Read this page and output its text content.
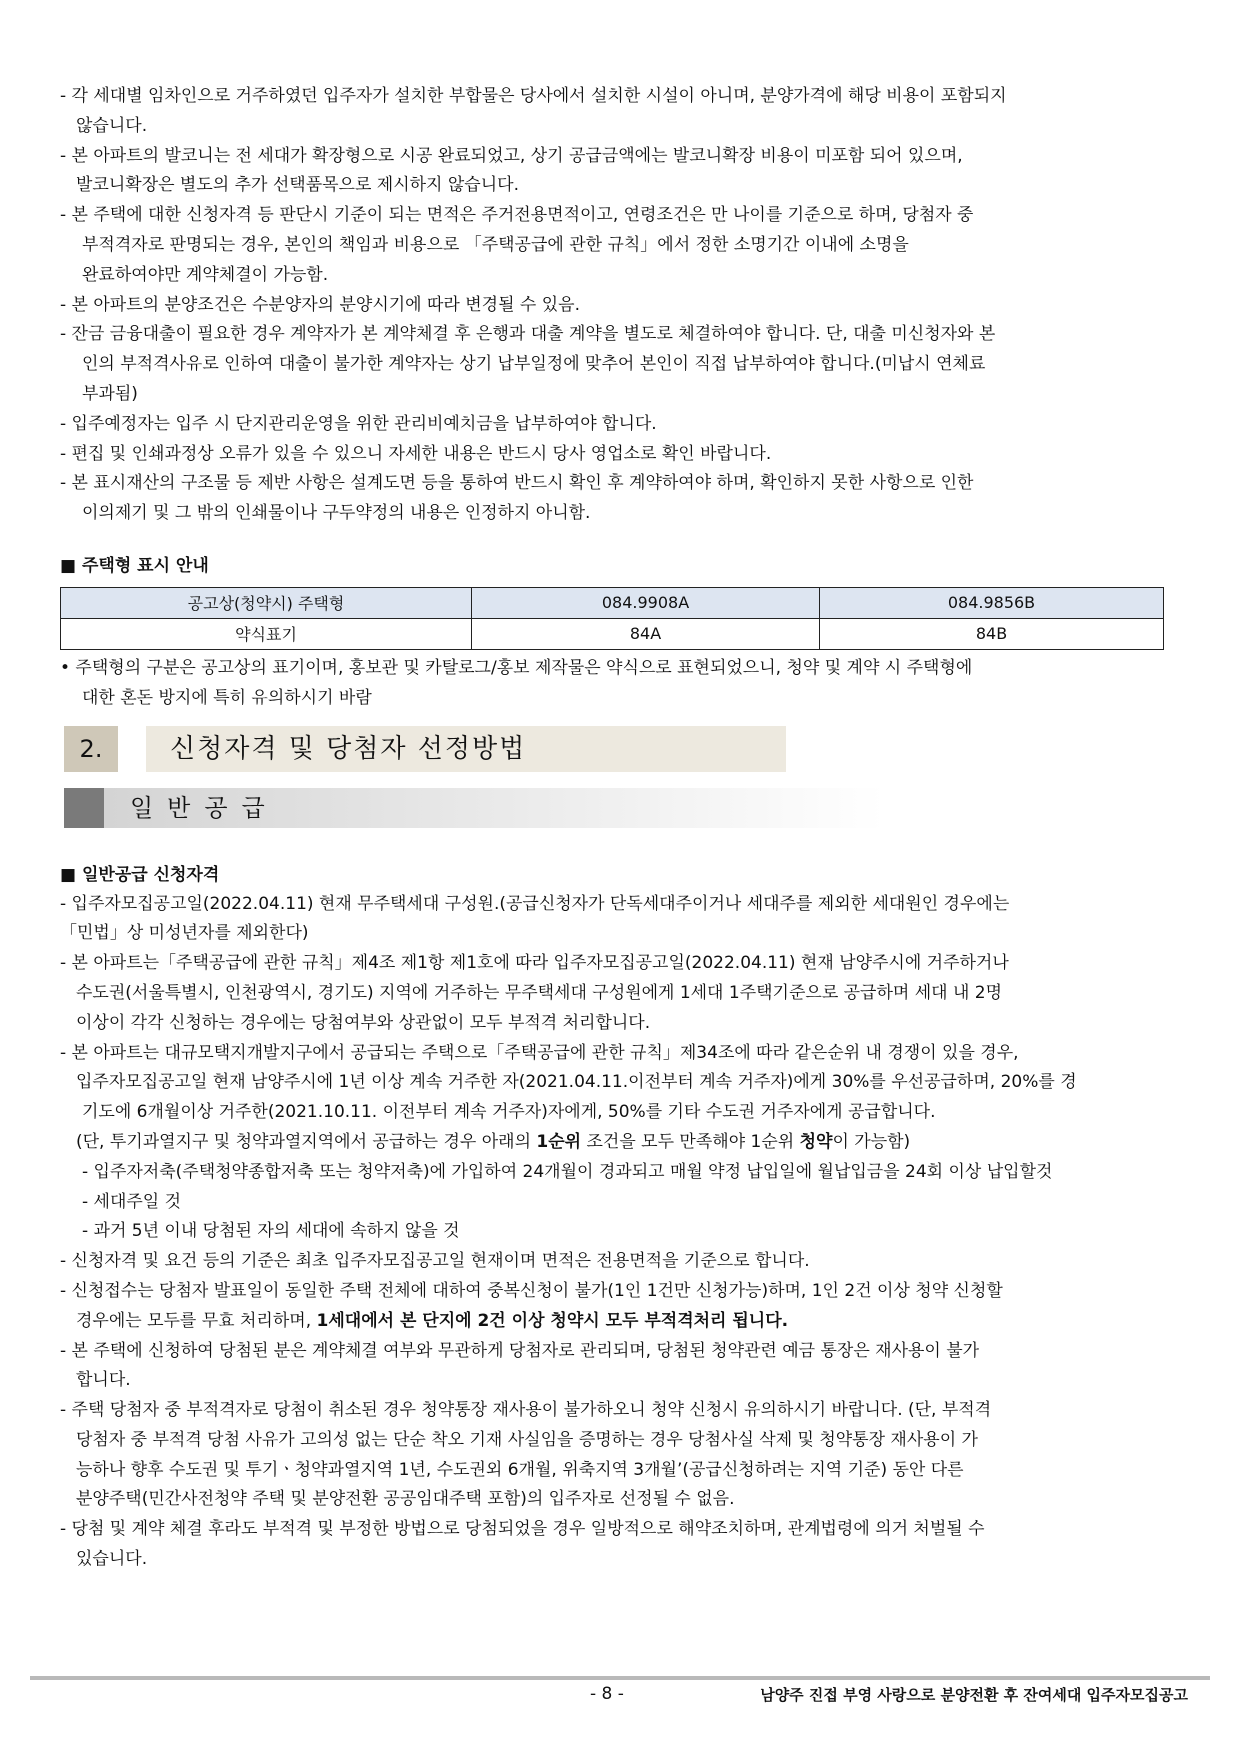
- 각 세대별 임차인으로 거주하였던 입주자가 설치한 부합물은 당사에서 설치한 시설이 아니며, 분양가격에 해당 비용이 포함되지
않습니다.
- 본 아파트의 발코니는 전 세대가 확장형으로 시공 완료되었고, 상기 공급금액에는 발코니확장 비용이 미포함 되어 있으며,
발코니확장은 별도의 추가 선택품목으로 제시하지 않습니다.
- 본 주택에 대한 신청자격 등 판단시 기준이 되는 면적은 주거전용면적이고, 연령조건은 만 나이를 기준으로 하며, 당첨자 중
부적격자로 판명되는 경우, 본인의 책임과 비용으로 「주택공급에 관한 규칙」에서 정한 소명기간 이내에 소명을
완료하여야만 계약체결이 가능함.
- 본 아파트의 분양조건은 수분양자의 분양시기에 따라 변경될 수 있음.
- 잔금 금융대출이 필요한 경우 계약자가 본 계약체결 후 은행과 대출 계약을 별도로 체결하여야 합니다. 단, 대출 미신청자와 본
인의 부적격사유로 인하여 대출이 불가한 계약자는 상기 납부일정에 맞추어 본인이 직접 납부하여야 합니다.(미납시 연체료
부과됨)
- 입주예정자는 입주 시 단지관리운영을 위한 관리비예치금을 납부하여야 합니다.
- 편집 및 인쇄과정상 오류가 있을 수 있으니 자세한 내용은 반드시 당사 영업소로 확인 바랍니다.
- 본 표시재산의 구조물 등 제반 사항은 설계도면 등을 통하여 반드시 확인 후 계약하여야 하며, 확인하지 못한 사항으로 인한
이의제기 및 그 밖의 인쇄물이나 구두약정의 내용은 인정하지 아니함.
■ 주택형 표시 안내
공고상(청약시) 주택형	084.9908A	084.9856B
약식표기	84A	84B
• 주택형의 구분은 공고상의 표기이며, 홍보관 및 카탈로그/홍보 제작물은 약식으로 표현되었으니, 청약 및 계약 시 주택형에
대한 혼돈 방지에 특히 유의하시기 바람
2.	신청자격 및 당첨자 선정방법
일반공급
■ 일반공급 신청자격
- 입주자모집공고일(2022.04.11) 현재 무주택세대 구성원.(공급신청자가 단독세대주이거나 세대주를 제외한 세대원인 경우에는
「민법」상 미성년자를 제외한다)
- 본 아파트는「주택공급에 관한 규칙」제4조 제1항 제1호에 따라 입주자모집공고일(2022.04.11) 현재 남양주시에 거주하거나
수도권(서울특별시, 인천광역시, 경기도) 지역에 거주하는 무주택세대 구성원에게 1세대 1주택기준으로 공급하며 세대 내 2명
이상이 각각 신청하는 경우에는 당첨여부와 상관없이 모두 부적격 처리합니다.
- 본 아파트는 대규모택지개발지구에서 공급되는 주택으로「주택공급에 관한 규칙」제34조에 따라 같은순위 내 경쟁이 있을 경우,
입주자모집공고일 현재 남양주시에 1년 이상 계속 거주한 자(2021.04.11.이전부터 계속 거주자)에게 30%를 우선공급하며, 20%를 경
기도에 6개월이상 거주한(2021.10.11. 이전부터 계속 거주자)자에게, 50%를 기타 수도권 거주자에게 공급합니다.
(단, 투기과열지구 및 청약과열지역에서 공급하는 경우 아래의 1순위 조건을 모두 만족해야 1순위 청약이 가능함)
- 입주자저축(주택청약종합저축 또는 청약저축)에 가입하여 24개월이 경과되고 매월 약정 납입일에 월납입금을 24회 이상 납입할것
- 세대주일 것
- 과거 5년 이내 당첨된 자의 세대에 속하지 않을 것
- 신청자격 및 요건 등의 기준은 최초 입주자모집공고일 현재이며 면적은 전용면적을 기준으로 합니다.
- 신청접수는 당첨자 발표일이 동일한 주택 전체에 대하여 중복신청이 불가(1인 1건만 신청가능)하며, 1인 2건 이상 청약 신청할
경우에는 모두를 무효 처리하며, 1세대에서 본 단지에 2건 이상 청약시 모두 부적격처리 됩니다.
- 본 주택에 신청하여 당첨된 분은 계약체결 여부와 무관하게 당첨자로 관리되며, 당첨된 청약관련 예금 통장은 재사용이 불가
합니다.
- 주택 당첨자 중 부적격자로 당첨이 취소된 경우 청약통장 재사용이 불가하오니 청약 신청시 유의하시기 바랍니다. (단, 부적격
당첨자 중 부적격 당첨 사유가 고의성 없는 단순 착오 기재 사실임을 증명하는 경우 당첨사실 삭제 및 청약통장 재사용이 가
능하나 향후 수도권 및 투기ㆍ청약과열지역 1년, 수도권외 6개월, 위축지역 3개월’(공급신청하려는 지역 기준) 동안 다른
분양주택(민간사전청약 주택 및 분양전환 공공임대주택 포함)의 입주자로 선정될 수 없음.
- 당첨 및 계약 체결 후라도 부적격 및 부정한 방법으로 당첨되었을 경우 일방적으로 해약조치하며, 관계법령에 의거 처벌될 수
있습니다.
- 8 -	남양주 진접 부영 사랑으로 분양전환 후 잔여세대 입주자모집공고
